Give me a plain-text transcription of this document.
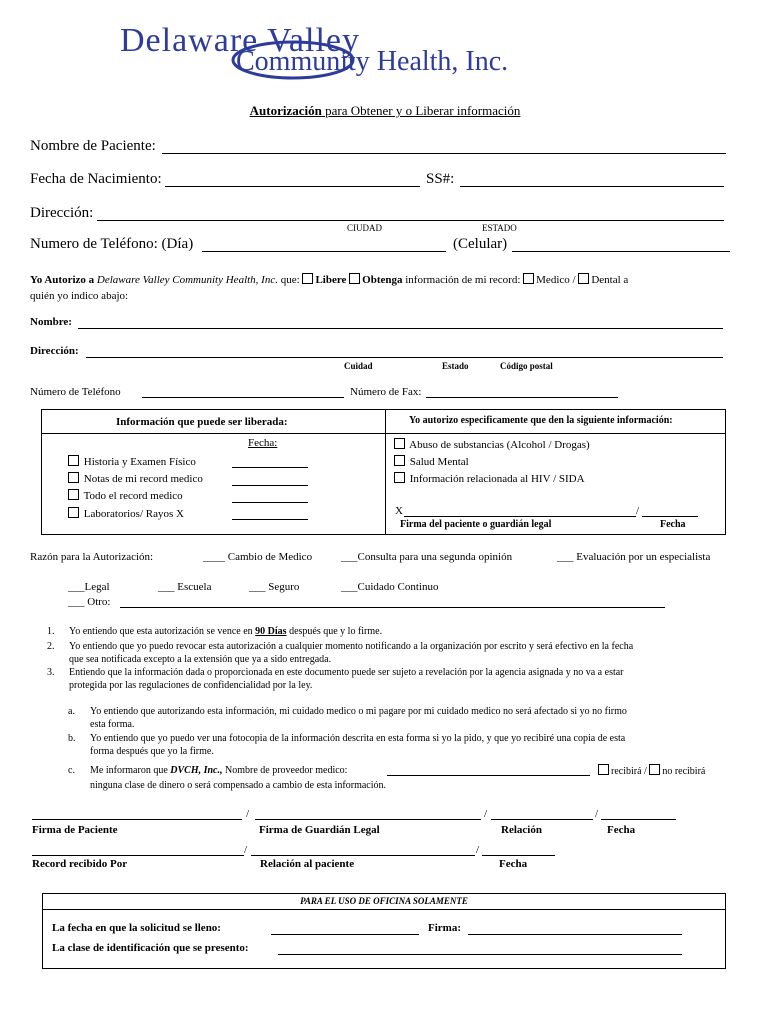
Delaware Valley
Community Health, Inc.
Autorización para Obtener y o Liberar información
Nombre de Paciente:
Fecha de Nacimiento:	SS#:
Dirección:
CIUDAD	ESTADO
Numero de Teléfono: (Día)	(Celular)
Yo Autorizo a Delaware Valley Community Health, Inc. que: Libere Obtenga información de mi record: Medico / Dental a
quién yo indico abajo:
Nombre:
Dirección:
Cuidad	Estado	Código postal
Número de Teléfono	Número de Fax:
Información que puede ser liberada:	Yo autorizo especificamente que den la siguiente información:
Fecha:
Historia y Examen Físico
Notas de mi record medico
Todo el record medico
Laboratorios/ Rayos X
Abuso de substancias (Alcohol / Drogas)
Salud Mental
Información relacionada al HIV / SIDA
X	/
Firma del paciente o guardián legal	Fecha
Razón para la Autorización:	____ Cambio de Medico	___Consulta para una segunda opinión	___ Evaluación por un especialista
___Legal	___ Escuela	___ Seguro	___Cuidado Continuo
___ Otro:
1. Yo entiendo que esta autorización se vence en 90 Días después que y lo firme.
2. Yo entiendo que yo puedo revocar esta autorización a cualquier momento notificando a la organización por escrito y será efectivo en la fecha
que sea notificada excepto a la extensión que ya a sido entregada.
3. Entiendo que la información dada o proporcionada en este documento puede ser sujeto a revelación por la agencia asignada y no va a estar
protegida por las regulaciones de confidencialidad por la ley.
a. Yo entiendo que autorizando esta información, mi cuidado medico o mi pagare por mi cuidado medico no será afectado si yo no firmo
esta forma.
b. Yo entiendo que yo puedo ver una fotocopia de la información descrita en esta forma si yo la pido, y que yo recibiré una copia de esta
forma después que yo la firme.
c. Me informaron que DVCH, Inc., Nombre de proveedor medico:	recibirá / no recibirá
ninguna clase de dinero o será compensado a cambio de esta información.
/	/	/
Firma de Paciente	Firma de Guardián Legal	Relación	Fecha
/	/
Record recibido Por	Relación al paciente	Fecha
PARA EL USO DE OFICINA SOLAMENTE
La fecha en que la solicitud se lleno:	Firma:
La clase de identificación que se presento:
